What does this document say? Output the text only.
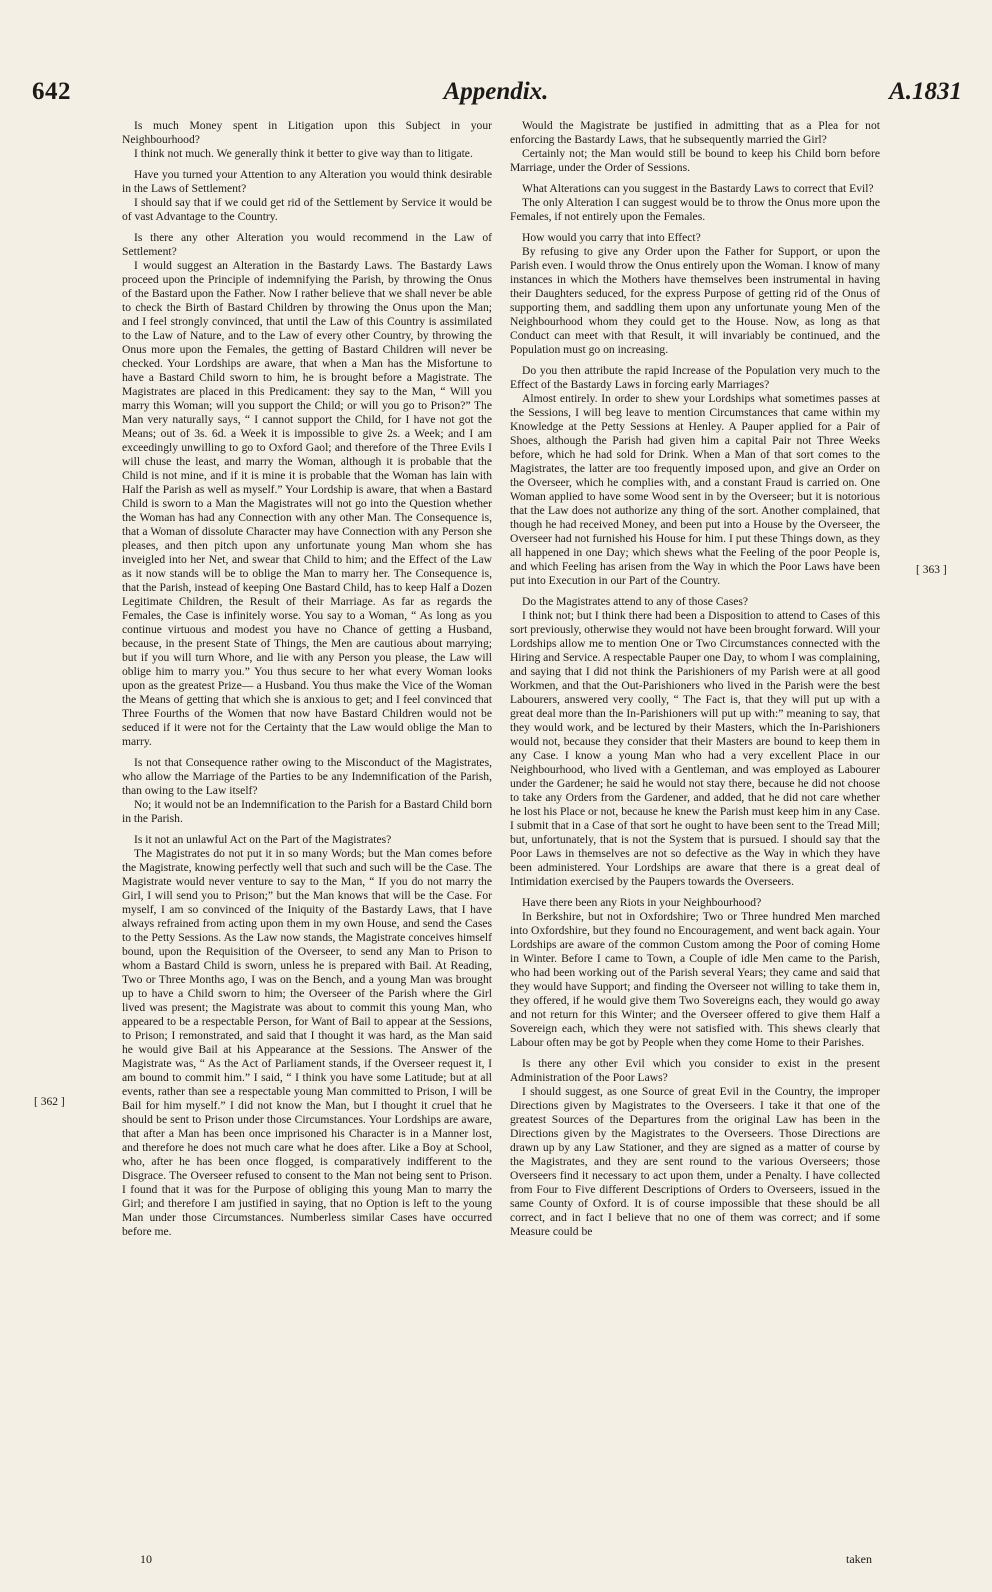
642	Appendix.	A.1831

Is much Money spent in Litigation upon this Subject in your Neighbourhood?

I think not much. We generally think it better to give way than to litigate.

Have you turned your Attention to any Alteration you would think desirable in the Laws of Settlement?

I should say that if we could get rid of the Settlement by Service it would be of vast Advantage to the Country.

Is there any other Alteration you would recommend in the Law of Settlement?

I would suggest an Alteration in the Bastardy Laws. The Bastardy Laws proceed upon the Principle of indemnifying the Parish, by throwing the Onus of the Bastard upon the Father. Now I rather believe that we shall never be able to check the Birth of Bastard Children by throwing the Onus upon the Man; and I feel strongly convinced, that until the Law of this Country is assimilated to the Law of Nature, and to the Law of every other Country, by throwing the Onus more upon the Females, the getting of Bastard Children will never be checked. Your Lordships are aware, that when a Man has the Misfortune to have a Bastard Child sworn to him, he is brought before a Magistrate. The Magistrates are placed in this Predicament: they say to the Man, “ Will you marry this Woman; will you support the Child; or will you go to Prison?” The Man very naturally says, “ I cannot support the Child, for I have not got the Means; out of 3s. 6d. a Week it is impossible to give 2s. a Week; and I am exceedingly unwilling to go to Oxford Gaol; and therefore of the Three Evils I will chuse the least, and marry the Woman, although it is probable that the Child is not mine, and if it is mine it is probable that the Woman has lain with Half the Parish as well as myself.” Your Lordship is aware, that when a Bastard Child is sworn to a Man the Magistrates will not go into the Question whether the Woman has had any Connection with any other Man. The Consequence is, that a Woman of dissolute Character may have Connection with any Person she pleases, and then pitch upon any unfortunate young Man whom she has inveigled into her Net, and swear that Child to him; and the Effect of the Law as it now stands will be to oblige the Man to marry her. The Consequence is, that the Parish, instead of keeping One Bastard Child, has to keep Half a Dozen Legitimate Children, the Result of their Marriage. As far as regards the Females, the Case is infinitely worse. You say to a Woman, “ As long as you continue virtuous and modest you have no Chance of getting a Husband, because, in the present State of Things, the Men are cautious about marrying; but if you will turn Whore, and lie with any Person you please, the Law will oblige him to marry you.” You thus secure to her what every Woman looks upon as the greatest Prize— a Husband. You thus make the Vice of the Woman the Means of getting that which she is anxious to get; and I feel convinced that Three Fourths of the Women that now have Bastard Children would not be seduced if it were not for the Certainty that the Law would oblige the Man to marry.

Is not that Consequence rather owing to the Misconduct of the Magistrates, who allow the Marriage of the Parties to be any Indemnification of the Parish, than owing to the Law itself?

No; it would not be an Indemnification to the Parish for a Bastard Child born in the Parish.

Is it not an unlawful Act on the Part of the Magistrates?

The Magistrates do not put it in so many Words; but the Man comes before the Magistrate, knowing perfectly well that such and such will be the Case. The Magistrate would never venture to say to the Man, “ If you do not marry the Girl, I will send you to Prison;” but the Man knows that will be the Case. For myself, I am so convinced of the Iniquity of the Bastardy Laws, that I have always refrained from acting upon them in my own House, and send the Cases to the Petty Sessions. As the Law now stands, the Magistrate conceives himself bound, upon the Requisition of the Overseer, to send any Man to Prison to whom a Bastard Child is sworn, unless he is prepared with Bail. At Reading, Two or Three Months ago, I was on the Bench, and a young Man was brought up to have a Child sworn to him; the Overseer of the Parish where the Girl lived was present; the Magistrate was about to commit this young Man, who appeared to be a respectable Person, for Want of Bail to appear at the Sessions, to Prison; I remonstrated, and said that I thought it was hard, as the Man said he would give Bail at his Appearance at the Sessions. The Answer of the Magistrate was, “ As the Act of Parliament stands, if the Overseer request it, I am bound to commit him.” I said, “ I think you have some Latitude; but at all events, rather than see a respectable young Man committed to Prison, I will be Bail for him myself.” I did not know the Man, but I thought it cruel that he should be sent to Prison under those Circumstances. Your Lordships are aware, that after a Man has been once imprisoned his Character is in a Manner lost, and therefore he does not much care what he does after. Like a Boy at School, who, after he has been once flogged, is comparatively indifferent to the Disgrace. The Overseer refused to consent to the Man not being sent to Prison. I found that it was for the Purpose of obliging this young Man to marry the Girl; and therefore I am justified in saying, that no Option is left to the young Man under those Circumstances. Numberless similar Cases have occurred before me.

Would the Magistrate be justified in admitting that as a Plea for not enforcing the Bastardy Laws, that he subsequently married the Girl?

Certainly not; the Man would still be bound to keep his Child born before Marriage, under the Order of Sessions.

What Alterations can you suggest in the Bastardy Laws to correct that Evil?

The only Alteration I can suggest would be to throw the Onus more upon the Females, if not entirely upon the Females.

How would you carry that into Effect?

By refusing to give any Order upon the Father for Support, or upon the Parish even. I would throw the Onus entirely upon the Woman. I know of many instances in which the Mothers have themselves been instrumental in having their Daughters seduced, for the express Purpose of getting rid of the Onus of supporting them, and saddling them upon any unfortunate young Men of the Neighbourhood whom they could get to the House. Now, as long as that Conduct can meet with that Result, it will invariably be continued, and the Population must go on increasing.

Do you then attribute the rapid Increase of the Population very much to the Effect of the Bastardy Laws in forcing early Marriages?

Almost entirely. In order to shew your Lordships what sometimes passes at the Sessions, I will beg leave to mention Circumstances that came within my Knowledge at the Petty Sessions at Henley. A Pauper applied for a Pair of Shoes, although the Parish had given him a capital Pair not Three Weeks before, which he had sold for Drink. When a Man of that sort comes to the Magistrates, the latter are too frequently imposed upon, and give an Order on the Overseer, which he complies with, and a constant Fraud is carried on. One Woman applied to have some Wood sent in by the Overseer; but it is notorious that the Law does not authorize any thing of the sort. Another complained, that though he had received Money, and been put into a House by the Overseer, the Overseer had not furnished his House for him. I put these Things down, as they all happened in one Day; which shews what the Feeling of the poor People is, and which Feeling has arisen from the Way in which the Poor Laws have been put into Execution in our Part of the Country.

Do the Magistrates attend to any of those Cases?

I think not; but I think there had been a Disposition to attend to Cases of this sort previously, otherwise they would not have been brought forward. Will your Lordships allow me to mention One or Two Circumstances connected with the Hiring and Service. A respectable Pauper one Day, to whom I was complaining, and saying that I did not think the Parishioners of my Parish were at all good Workmen, and that the Out-Parishioners who lived in the Parish were the best Labourers, answered very coolly, “ The Fact is, that they will put up with a great deal more than the In-Parishioners will put up with:” meaning to say, that they would work, and be lectured by their Masters, which the In-Parishioners would not, because they consider that their Masters are bound to keep them in any Case. I know a young Man who had a very excellent Place in our Neighbourhood, who lived with a Gentleman, and was employed as Labourer under the Gardener; he said he would not stay there, because he did not choose to take any Orders from the Gardener, and added, that he did not care whether he lost his Place or not, because he knew the Parish must keep him in any Case. I submit that in a Case of that sort he ought to have been sent to the Tread Mill; but, unfortunately, that is not the System that is pursued. I should say that the Poor Laws in themselves are not so defective as the Way in which they have been administered. Your Lordships are aware that there is a great deal of Intimidation exercised by the Paupers towards the Overseers.

Have there been any Riots in your Neighbourhood?

In Berkshire, but not in Oxfordshire; Two or Three hundred Men marched into Oxfordshire, but they found no Encouragement, and went back again. Your Lordships are aware of the common Custom among the Poor of coming Home in Winter. Before I came to Town, a Couple of idle Men came to the Parish, who had been working out of the Parish several Years; they came and said that they would have Support; and finding the Overseer not willing to take them in, they offered, if he would give them Two Sovereigns each, they would go away and not return for this Winter; and the Overseer offered to give them Half a Sovereign each, which they were not satisfied with. This shews clearly that Labour often may be got by People when they come Home to their Parishes.

Is there any other Evil which you consider to exist in the present Administration of the Poor Laws?

I should suggest, as one Source of great Evil in the Country, the improper Directions given by Magistrates to the Overseers. I take it that one of the greatest Sources of the Departures from the original Law has been in the Directions given by the Magistrates to the Overseers. Those Directions are drawn up by any Law Stationer, and they are signed as a matter of course by the Magistrates, and they are sent round to the various Overseers; those Overseers find it necessary to act upon them, under a Penalty. I have collected from Four to Five different Descriptions of Orders to Overseers, issued in the same County of Oxford. It is of course impossible that these should be all correct, and in fact I believe that no one of them was correct; and if some Measure could be

[ 362 ]
[ 363 ]
10	taken
